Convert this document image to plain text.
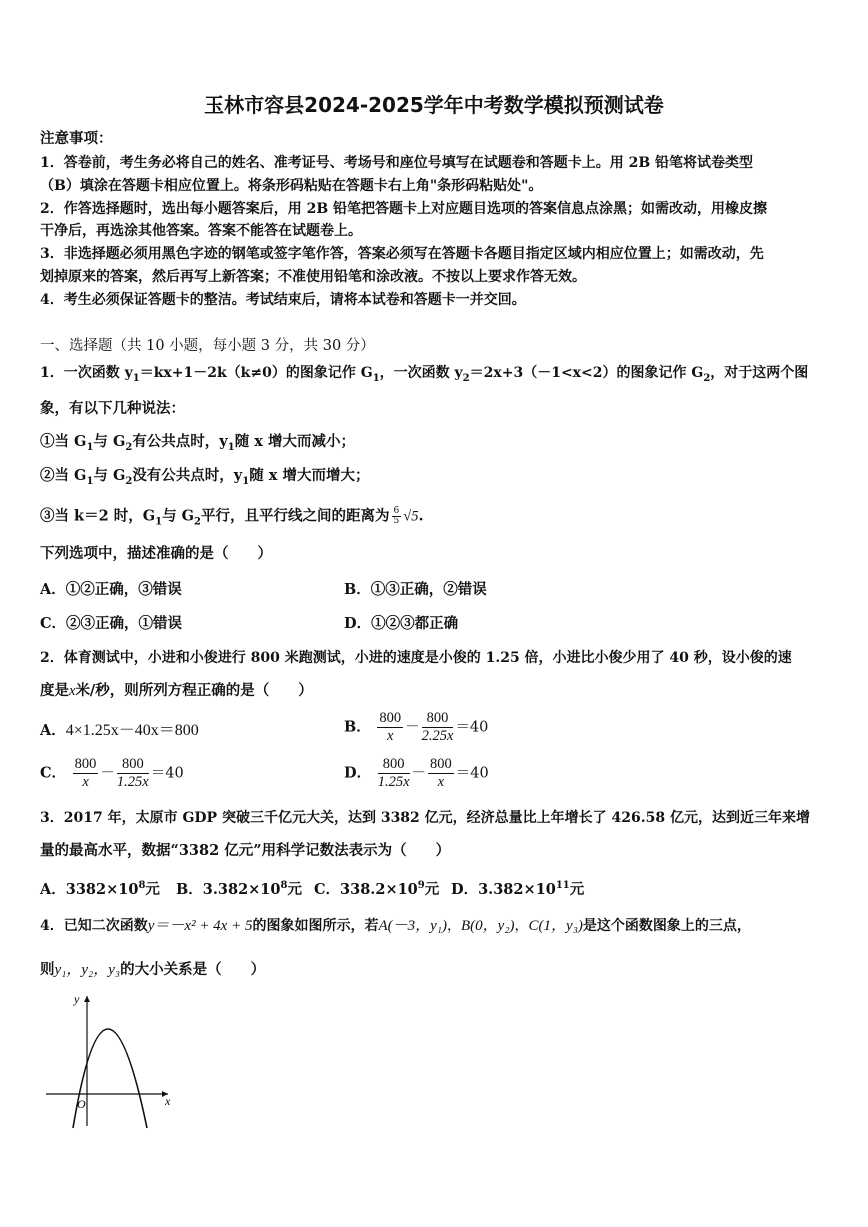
玉林市容县2024-2025学年中考数学模拟预测试卷
注意事项：
1．答卷前，考生务必将自己的姓名、准考证号、考场号和座位号填写在试题卷和答题卡上。用 2B 铅笔将试卷类型
（B）填涂在答题卡相应位置上。将条形码粘贴在答题卡右上角"条形码粘贴处"。
2．作答选择题时，选出每小题答案后，用 2B 铅笔把答题卡上对应题目选项的答案信息点涂黑；如需改动，用橡皮擦
干净后，再选涂其他答案。答案不能答在试题卷上。
3．非选择题必须用黑色字迹的钢笔或签字笔作答，答案必须写在答题卡各题目指定区域内相应位置上；如需改动，先
划掉原来的答案，然后再写上新答案；不准使用铅笔和涂改液。不按以上要求作答无效。
4．考生必须保证答题卡的整洁。考试结束后，请将本试卷和答题卡一并交回。
一、选择题（共 10 小题，每小题 3 分，共 30 分）
1．一次函数 $y_1=kx+1-2k(k\ne 0)$的图象记作 $G_1$，一次函数 $y_2=2x+3(-1<x<2)$的图象记作 $G_2$，对于这两个图
象，有以下几种说法：
①当 $G_1$与 $G_2$有公共点时，$y_1$随 x 增大而减小；
②当 $G_1$与 $G_2$没有公共点时，$y_1$随 x 增大而增大；
③当 k＝2 时，$G_1$与 $G_2$平行，且平行线之间的距离为 $\frac{6}{5} √5$.
下列选项中，描述准确的是（　　）
A．①②正确，③错误	B．①③正确，②错误
C．②③正确，①错误	D．①②③都正确
2．体育测试中，小进和小俊进行 800 米跑测试，小进的速度是小俊的 1.25 倍，小进比小俊少用了 40 秒，设小俊的速
度是x米/秒，则所列方程正确的是（　　）
A．4×1.25x－40x＝800	B． $\frac{800}{x} - \frac{800}{2.25x} =40$
C． $\frac{800}{x} - \frac{800}{1.25x} =40$	D． $\frac{800}{1.25x} - \frac{800}{x} =40$
3．2017 年，太原市 GDP 突破三千亿元大关，达到 3382 亿元，经济总量比上年增长了 426.58 亿元，达到近三年来增
量的最高水平，数据“3382 亿元”用科学记数法表示为（　　）
A．$3382\times 10^8$元 B．$3.382\times 10^8$元 C．$338.2\times 10^9$元 D．$3.382\times 10^{11}$元
4．已知二次函数y＝－x² + 4x + 5的图象如图所示，若A(－3，y₁)，B(0，y₂)，C(1，y₃)是这个函数图象上的三点，
则y₁，y₂，y₃的大小关系是（　　）
y
x
O
